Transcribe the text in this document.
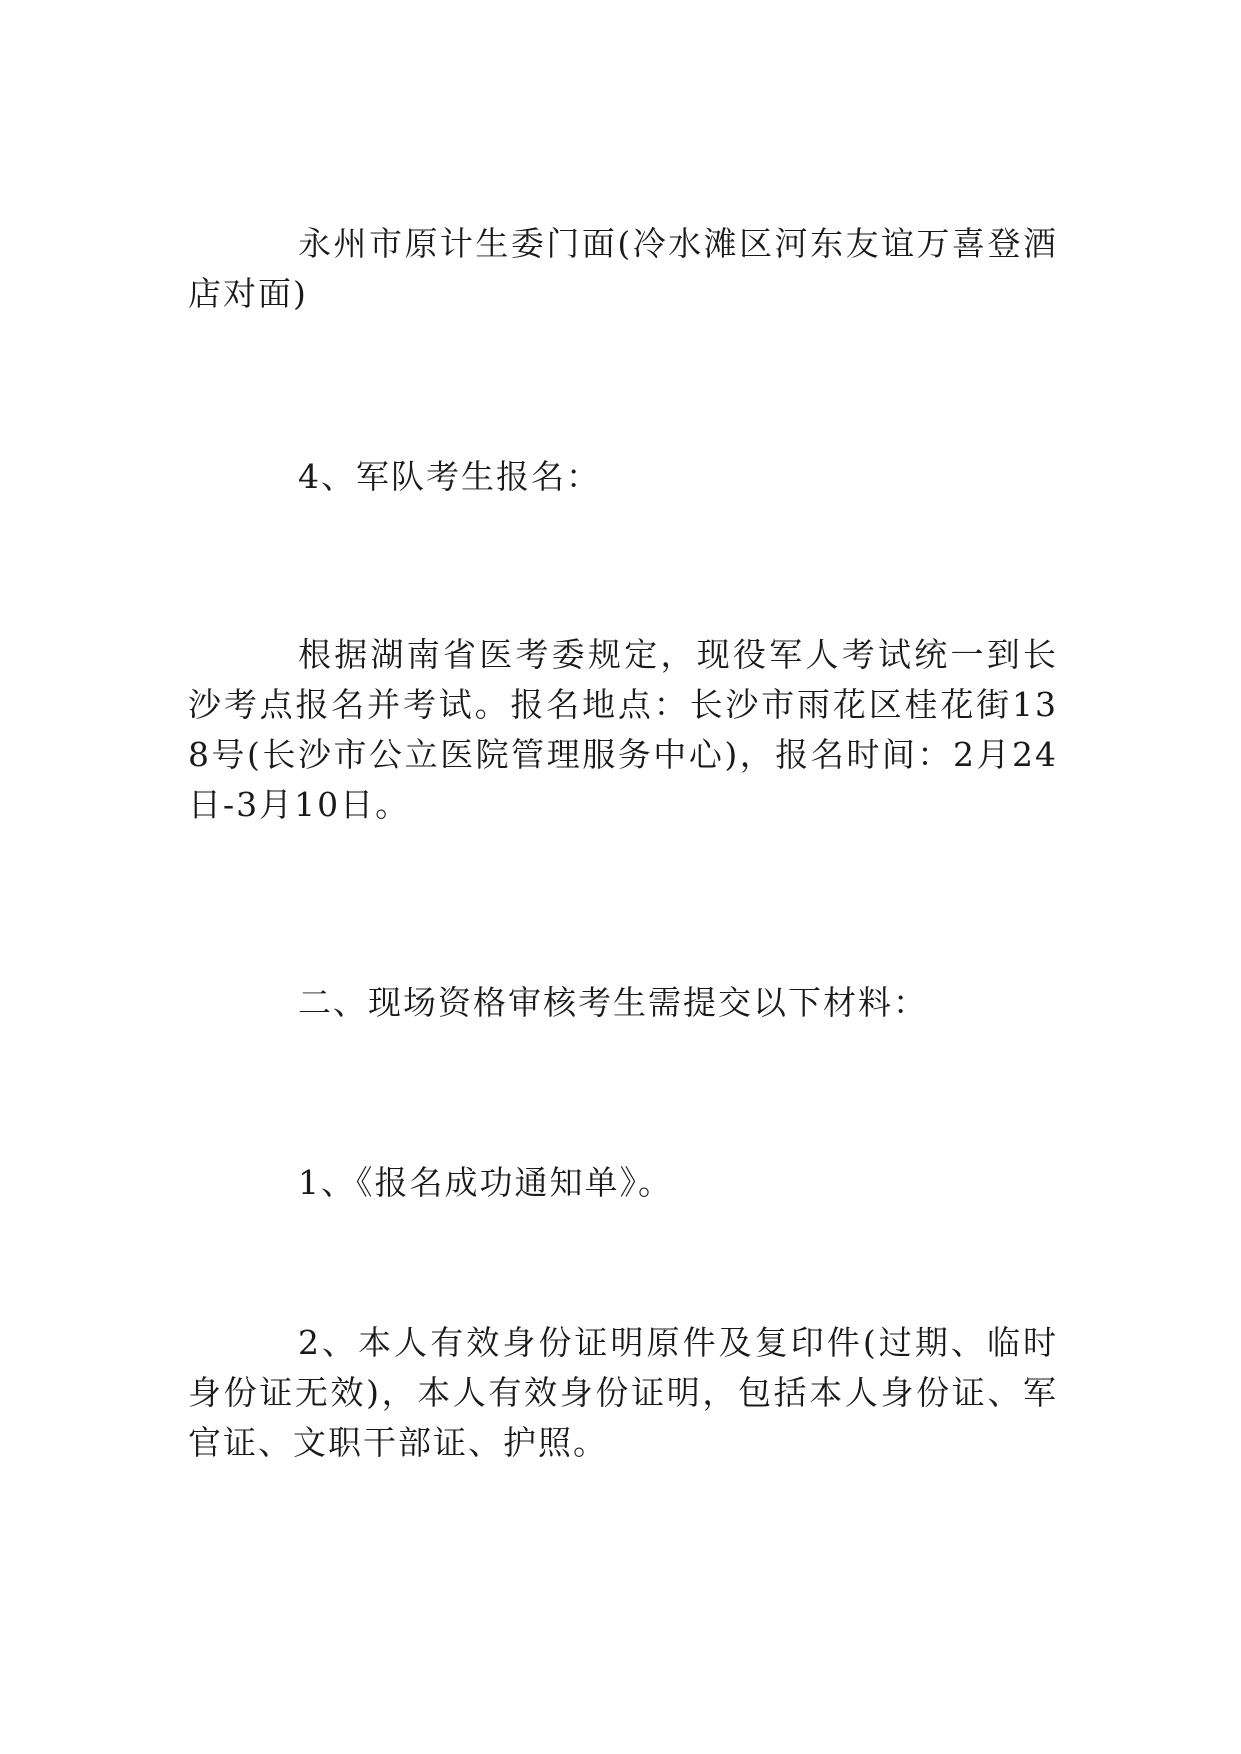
永州市原计生委门面(冷水滩区河东友谊万喜登酒店对面)

4、军队考生报名：

根据湖南省医考委规定，现役军人考试统一到长沙考点报名并考试。报名地点：长沙市雨花区桂花街138号(长沙市公立医院管理服务中心)，报名时间：2月24日-3月10日。

二、现场资格审核考生需提交以下材料：

1、《报名成功通知单》。

2、本人有效身份证明原件及复印件(过期、临时身份证无效)，本人有效身份证明，包括本人身份证、军官证、文职干部证、护照。
